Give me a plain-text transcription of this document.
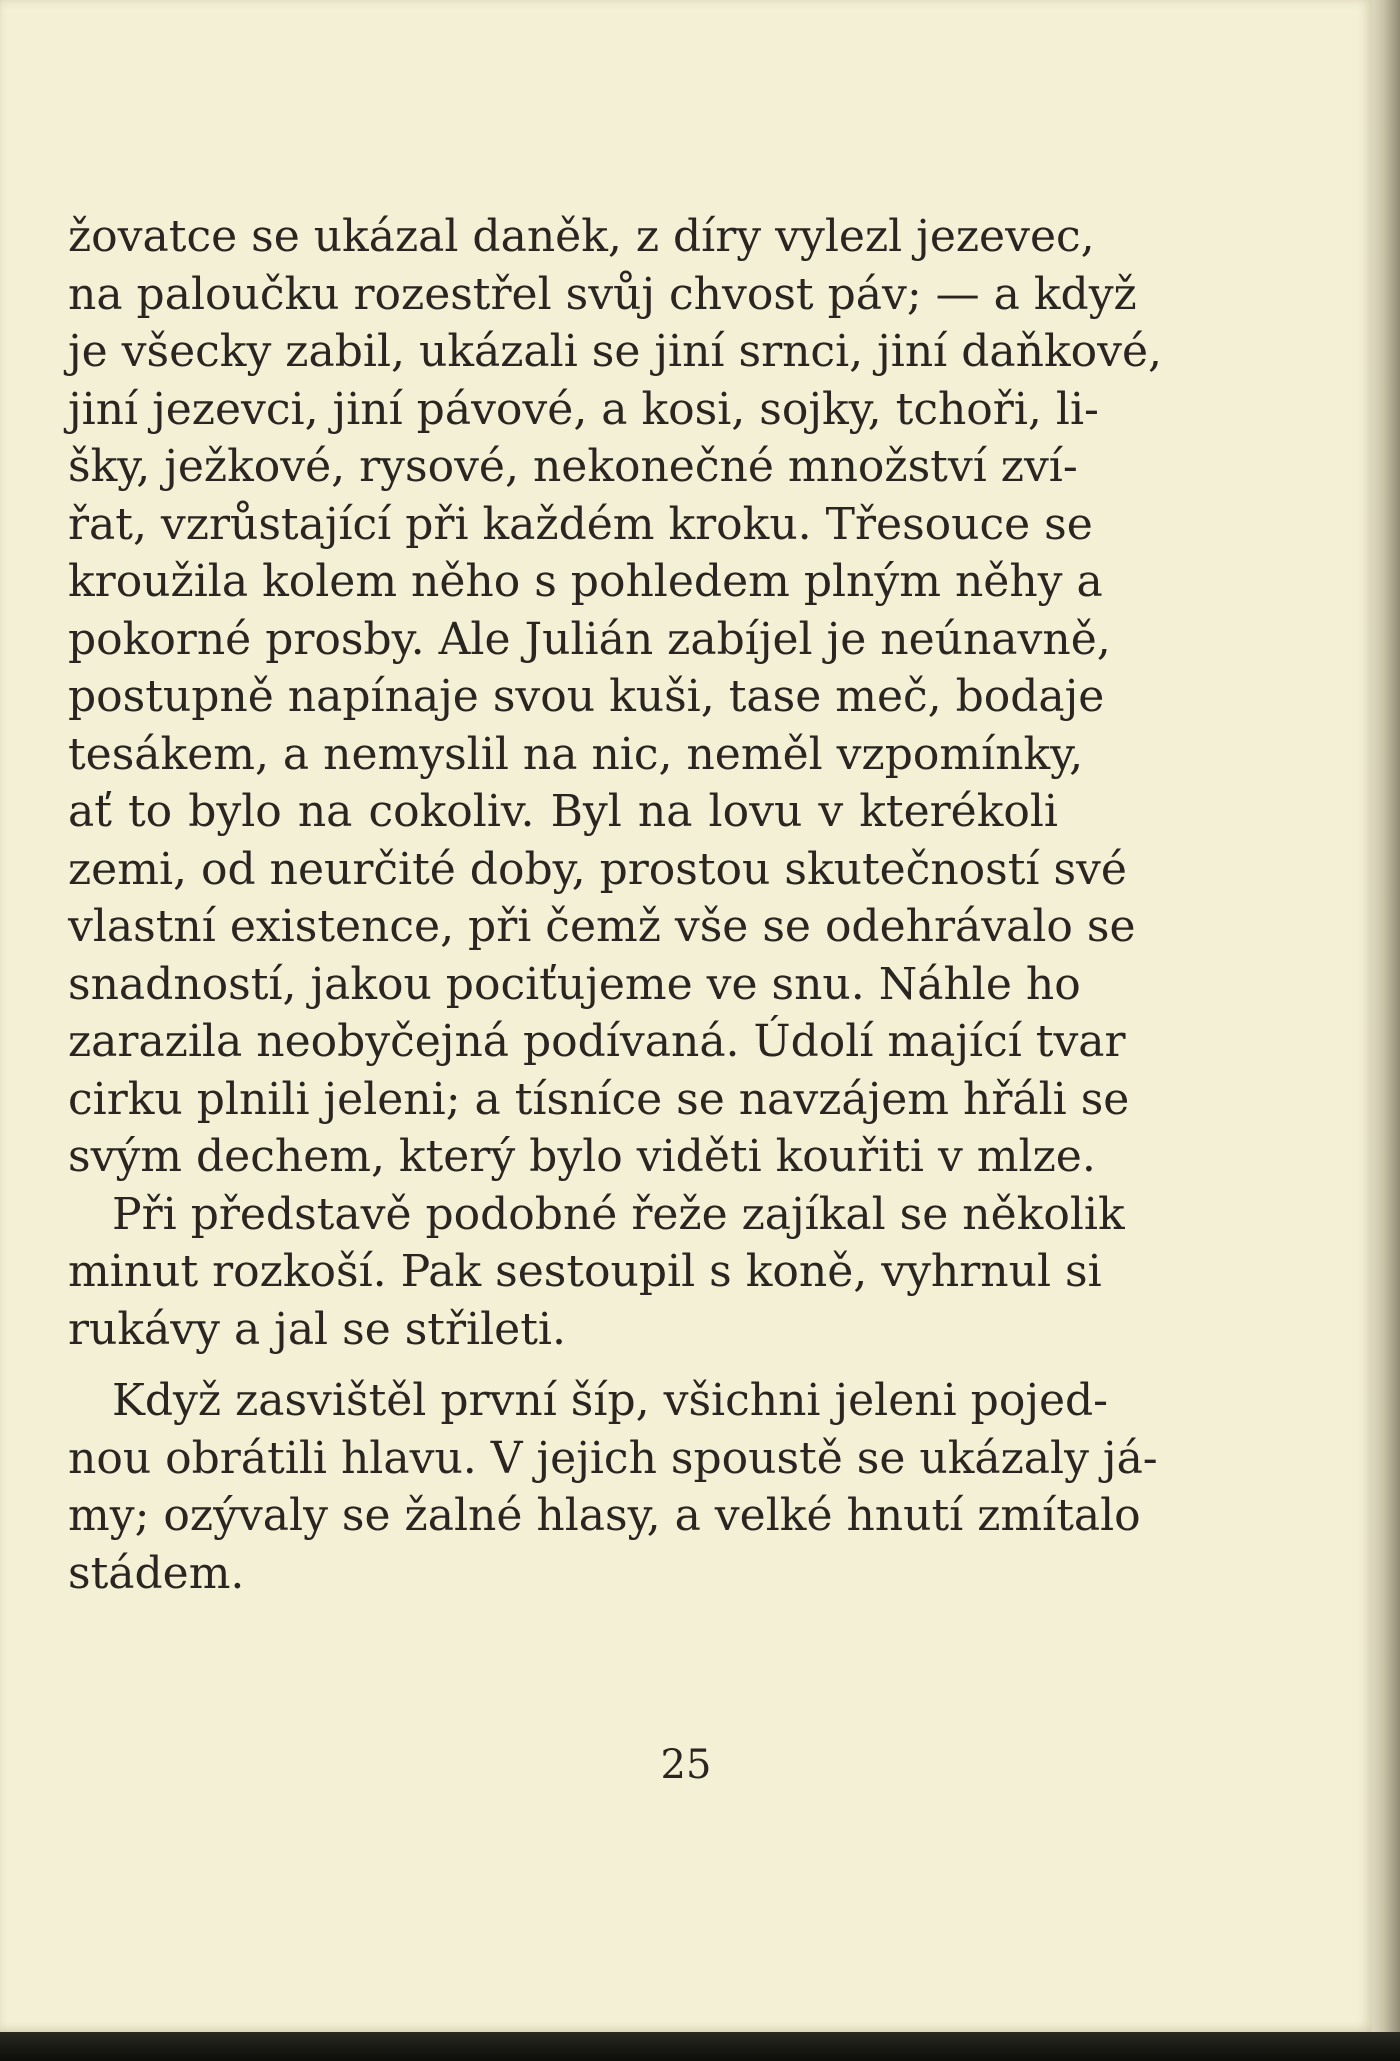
žovatce se ukázal daněk, z díry vylezl jezevec,
na paloučku rozestřel svůj chvost páv; — a když
je všecky zabil, ukázali se jiní srnci, jiní daňkové,
jiní jezevci, jiní pávové, a kosi, sojky, tchoři, li-
šky, ježkové, rysové, nekonečné množství zví-
řat, vzrůstající při každém kroku. Třesouce se
kroužila kolem něho s pohledem plným něhy a
pokorné prosby. Ale Julián zabíjel je neúnavně,
postupně napínaje svou kuši, tase meč, bodaje
tesákem, a nemyslil na nic, neměl vzpomínky,
ať to bylo na cokoliv. Byl na lovu v kterékoli
zemi, od neurčité doby, prostou skutečností své
vlastní existence, při čemž vše se odehrávalo se
snadností, jakou pociťujeme ve snu. Náhle ho
zarazila neobyčejná podívaná. Údolí mající tvar
cirku plnili jeleni; a tísníce se navzájem hřáli se
svým dechem, který bylo viděti kouřiti v mlze.
Při představě podobné řeže zajíkal se několik
minut rozkoší. Pak sestoupil s koně, vyhrnul si
rukávy a jal se střileti.
Když zasvištěl první šíp, všichni jeleni pojed-
nou obrátili hlavu. V jejich spoustě se ukázaly já-
my; ozývaly se žalné hlasy, a velké hnutí zmítalo
stádem.
25
